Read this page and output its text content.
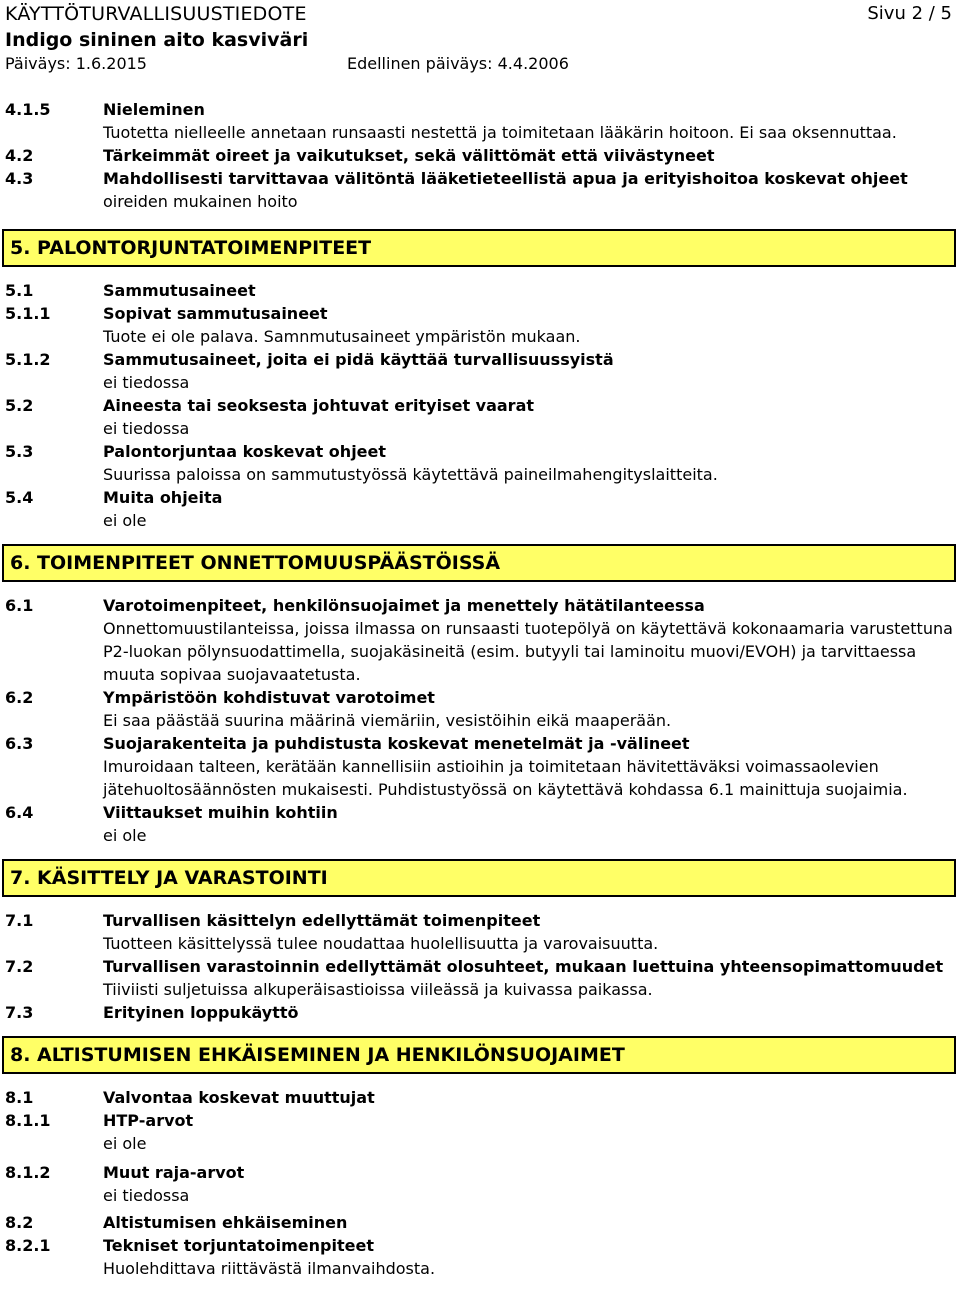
KÄYTTÖTURVALLISUUSTIEDOTE	Sivu 2 / 5
Indigo sininen aito kasviväri
Päiväys: 1.6.2015	Edellinen päiväys: 4.4.2006
4.1.5	Nieleminen
Tuotetta nielleelle annetaan runsaasti nestettä ja toimitetaan lääkärin hoitoon. Ei saa oksennuttaa.
4.2	Tärkeimmät oireet ja vaikutukset, sekä välittömät että viivästyneet
4.3	Mahdollisesti tarvittavaa välitöntä lääketieteellistä apua ja erityishoitoa koskevat ohjeet
oireiden mukainen hoito
5. PALONTORJUNTATOIMENPITEET
5.1	Sammutusaineet
5.1.1	Sopivat sammutusaineet
Tuote ei ole palava. Samnmutusaineet ympäristön mukaan.
5.1.2	Sammutusaineet, joita ei pidä käyttää turvallisuussyistä
ei tiedossa
5.2	Aineesta tai seoksesta johtuvat erityiset vaarat
ei tiedossa
5.3	Palontorjuntaa koskevat ohjeet
Suurissa paloissa on sammutustyössä käytettävä paineilmahengityslaitteita.
5.4	Muita ohjeita
ei ole
6. TOIMENPITEET ONNETTOMUUSPÄÄSTÖISSÄ
6.1	Varotoimenpiteet, henkilönsuojaimet ja menettely hätätilanteessa
Onnettomuustilanteissa, joissa ilmassa on runsaasti tuotepölyä on käytettävä kokonaamaria varustettuna P2-luokan pölynsuodattimella, suojakäsineitä (esim. butyyli tai laminoitu muovi/EVOH) ja tarvittaessa muuta sopivaa suojavaatetusta.
6.2	Ympäristöön kohdistuvat varotoimet
Ei saa päästää suurina määrinä viemäriin, vesistöihin eikä maaperään.
6.3	Suojarakenteita ja puhdistusta koskevat menetelmät ja -välineet
Imuroidaan talteen, kerätään kannellisiin astioihin ja toimitetaan hävitettäväksi voimassaolevien jätehuoltosäännösten mukaisesti. Puhdistustyössä on käytettävä kohdassa 6.1 mainittuja suojaimia.
6.4	Viittaukset muihin kohtiin
ei ole
7. KÄSITTELY JA VARASTOINTI
7.1	Turvallisen käsittelyn edellyttämät toimenpiteet
Tuotteen käsittelyssä tulee noudattaa huolellisuutta ja varovaisuutta.
7.2	Turvallisen varastoinnin edellyttämät olosuhteet, mukaan luettuina yhteensopimattomuudet
Tiiviisti suljetuissa alkuperäisastioissa viileässä ja kuivassa paikassa.
7.3	Erityinen loppukäyttö
8. ALTISTUMISEN EHKÄISEMINEN JA HENKILÖNSUOJAIMET
8.1	Valvontaa koskevat muuttujat
8.1.1	HTP-arvot
ei ole
8.1.2	Muut raja-arvot
ei tiedossa
8.2	Altistumisen ehkäiseminen
8.2.1	Tekniset torjuntatoimenpiteet
Huolehdittava riittävästä ilmanvaihdosta.
